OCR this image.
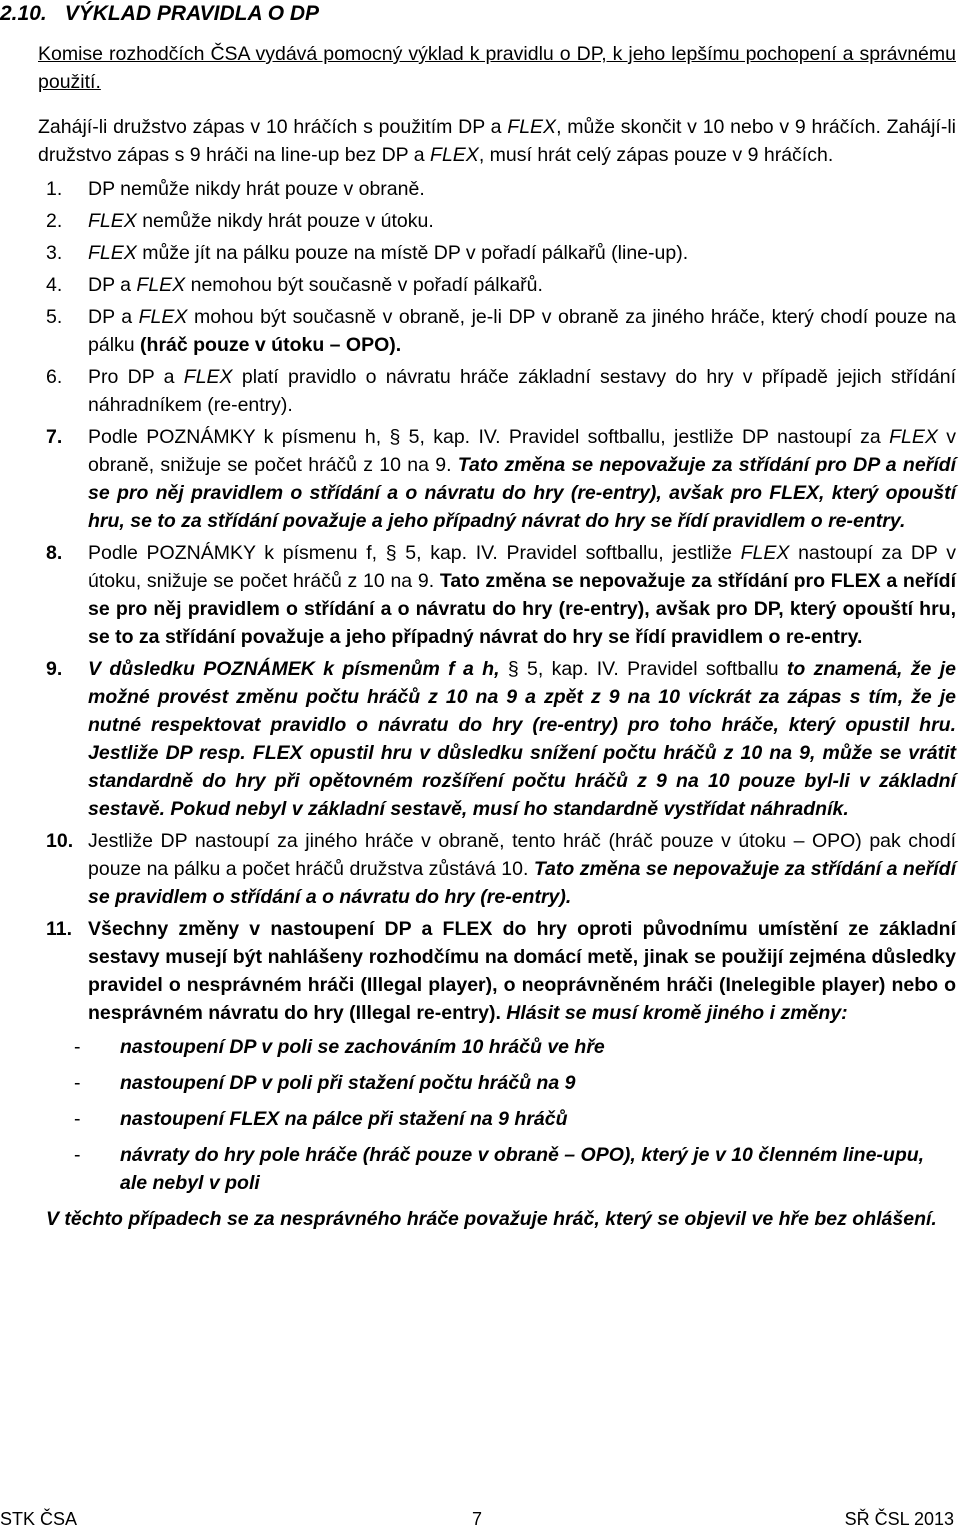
2.10. VÝKLAD PRAVIDLA O DP

Komise rozhodčích ČSA vydává pomocný výklad k pravidlu o DP, k jeho lepšímu pochopení a správnému použití.

Zahájí-li družstvo zápas v 10 hráčích s použitím DP a FLEX, může skončit v 10 nebo v 9 hráčích. Zahájí-li družstvo zápas s 9 hráči na line-up bez DP a FLEX, musí hrát celý zápas pouze v 9 hráčích.

1.	DP nemůže nikdy hrát pouze v obraně.
2.	FLEX nemůže nikdy hrát pouze v útoku.
3.	FLEX může jít na pálku pouze na místě DP v pořadí pálkařů (line-up).
4.	DP a FLEX nemohou být současně v pořadí pálkařů.
5.	DP a FLEX mohou být současně v obraně, je-li DP v obraně za jiného hráče, který chodí pouze na pálku (hráč pouze v útoku – OPO).
6.	Pro DP a FLEX platí pravidlo o návratu hráče základní sestavy do hry v případě jejich střídání náhradníkem (re-entry).
7.	Podle POZNÁMKY k písmenu h, § 5, kap. IV. Pravidel softballu, jestliže DP nastoupí za FLEX v obraně, snižuje se počet hráčů z 10 na 9. Tato změna se nepovažuje za střídání pro DP a neřídí se pro něj pravidlem o střídání a o návratu do hry (re-entry), avšak pro FLEX, který opouští hru, se to za střídání považuje a jeho případný návrat do hry se řídí pravidlem o re-entry.
8.	Podle POZNÁMKY k písmenu f, § 5, kap. IV. Pravidel softballu, jestliže FLEX nastoupí za DP v útoku, snižuje se počet hráčů z 10 na 9. Tato změna se nepovažuje za střídání pro FLEX a neřídí se pro něj pravidlem o střídání a o návratu do hry (re-entry), avšak pro DP, který opouští hru, se to za střídání považuje a jeho případný návrat do hry se řídí pravidlem o re-entry.
9.	V důsledku POZNÁMEK k písmenům f a h, § 5, kap. IV. Pravidel softballu to znamená, že je možné provést změnu počtu hráčů z 10 na 9 a zpět z 9 na 10 víckrát za zápas s tím, že je nutné respektovat pravidlo o návratu do hry (re-entry) pro toho hráče, který opustil hru. Jestliže DP resp. FLEX opustil hru v důsledku snížení počtu hráčů z 10 na 9, může se vrátit standardně do hry při opětovném rozšíření počtu hráčů z 9 na 10 pouze byl-li v základní sestavě. Pokud nebyl v základní sestavě, musí ho standardně vystřídat náhradník.
10. Jestliže DP nastoupí za jiného hráče v obraně, tento hráč (hráč pouze v útoku – OPO) pak chodí pouze na pálku a počet hráčů družstva zůstává 10. Tato změna se nepovažuje za střídání a neřídí se pravidlem o střídání a o návratu do hry (re-entry).
11. Všechny změny v nastoupení DP a FLEX do hry oproti původnímu umístění ze základní sestavy musejí být nahlášeny rozhodčímu na domácí metě, jinak se použijí zejména důsledky pravidel o nesprávném hráči (Illegal player), o neoprávněném hráči (Inelegible player) nebo o nesprávném návratu do hry (Illegal re-entry). Hlásit se musí kromě jiného i změny:
-	nastoupení DP v poli se zachováním 10 hráčů ve hře
-	nastoupení DP v poli při stažení počtu hráčů na 9
-	nastoupení FLEX na pálce při stažení na 9 hráčů
-	návraty do hry pole hráče (hráč pouze v obraně – OPO), který je v 10 členném line-upu, ale nebyl v poli

V těchto případech se za nesprávného hráče považuje hráč, který se objevil ve hře bez ohlášení.

STK ČSA	7	SŘ ČSL 2013
